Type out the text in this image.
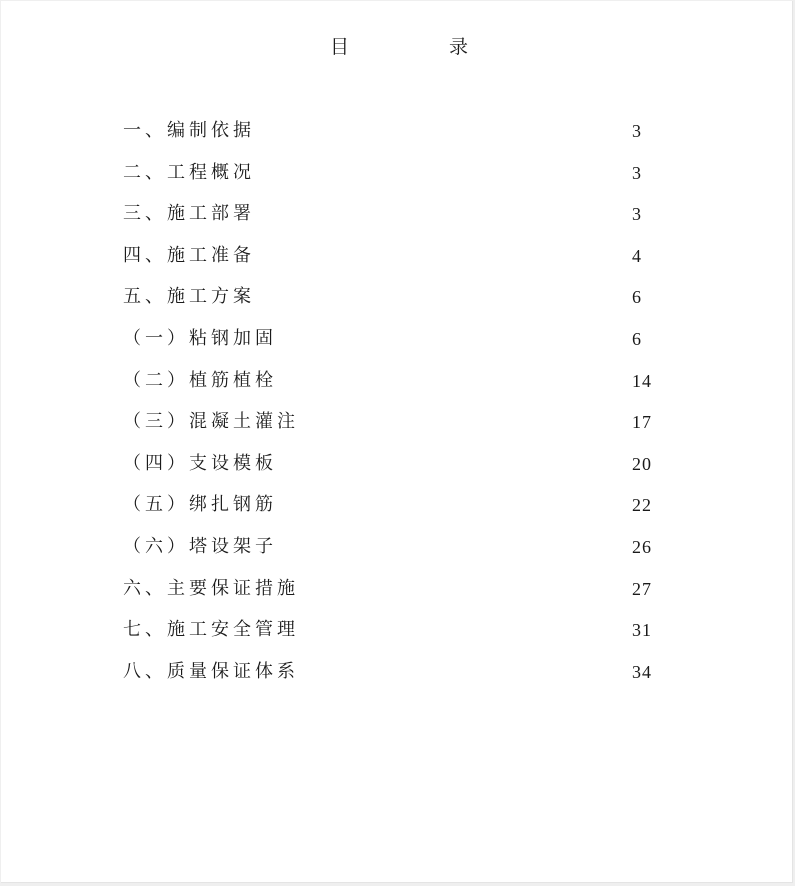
目	录
一、编制依据	3
二、工程概况	3
三、施工部署	3
四、施工准备	4
五、施工方案	6
（一）粘钢加固	6
（二）植筋植栓	14
（三）混凝土灌注	17
（四）支设模板	20
（五）绑扎钢筋	22
（六）塔设架子	26
六、主要保证措施	27
七、施工安全管理	31
八、质量保证体系	34
